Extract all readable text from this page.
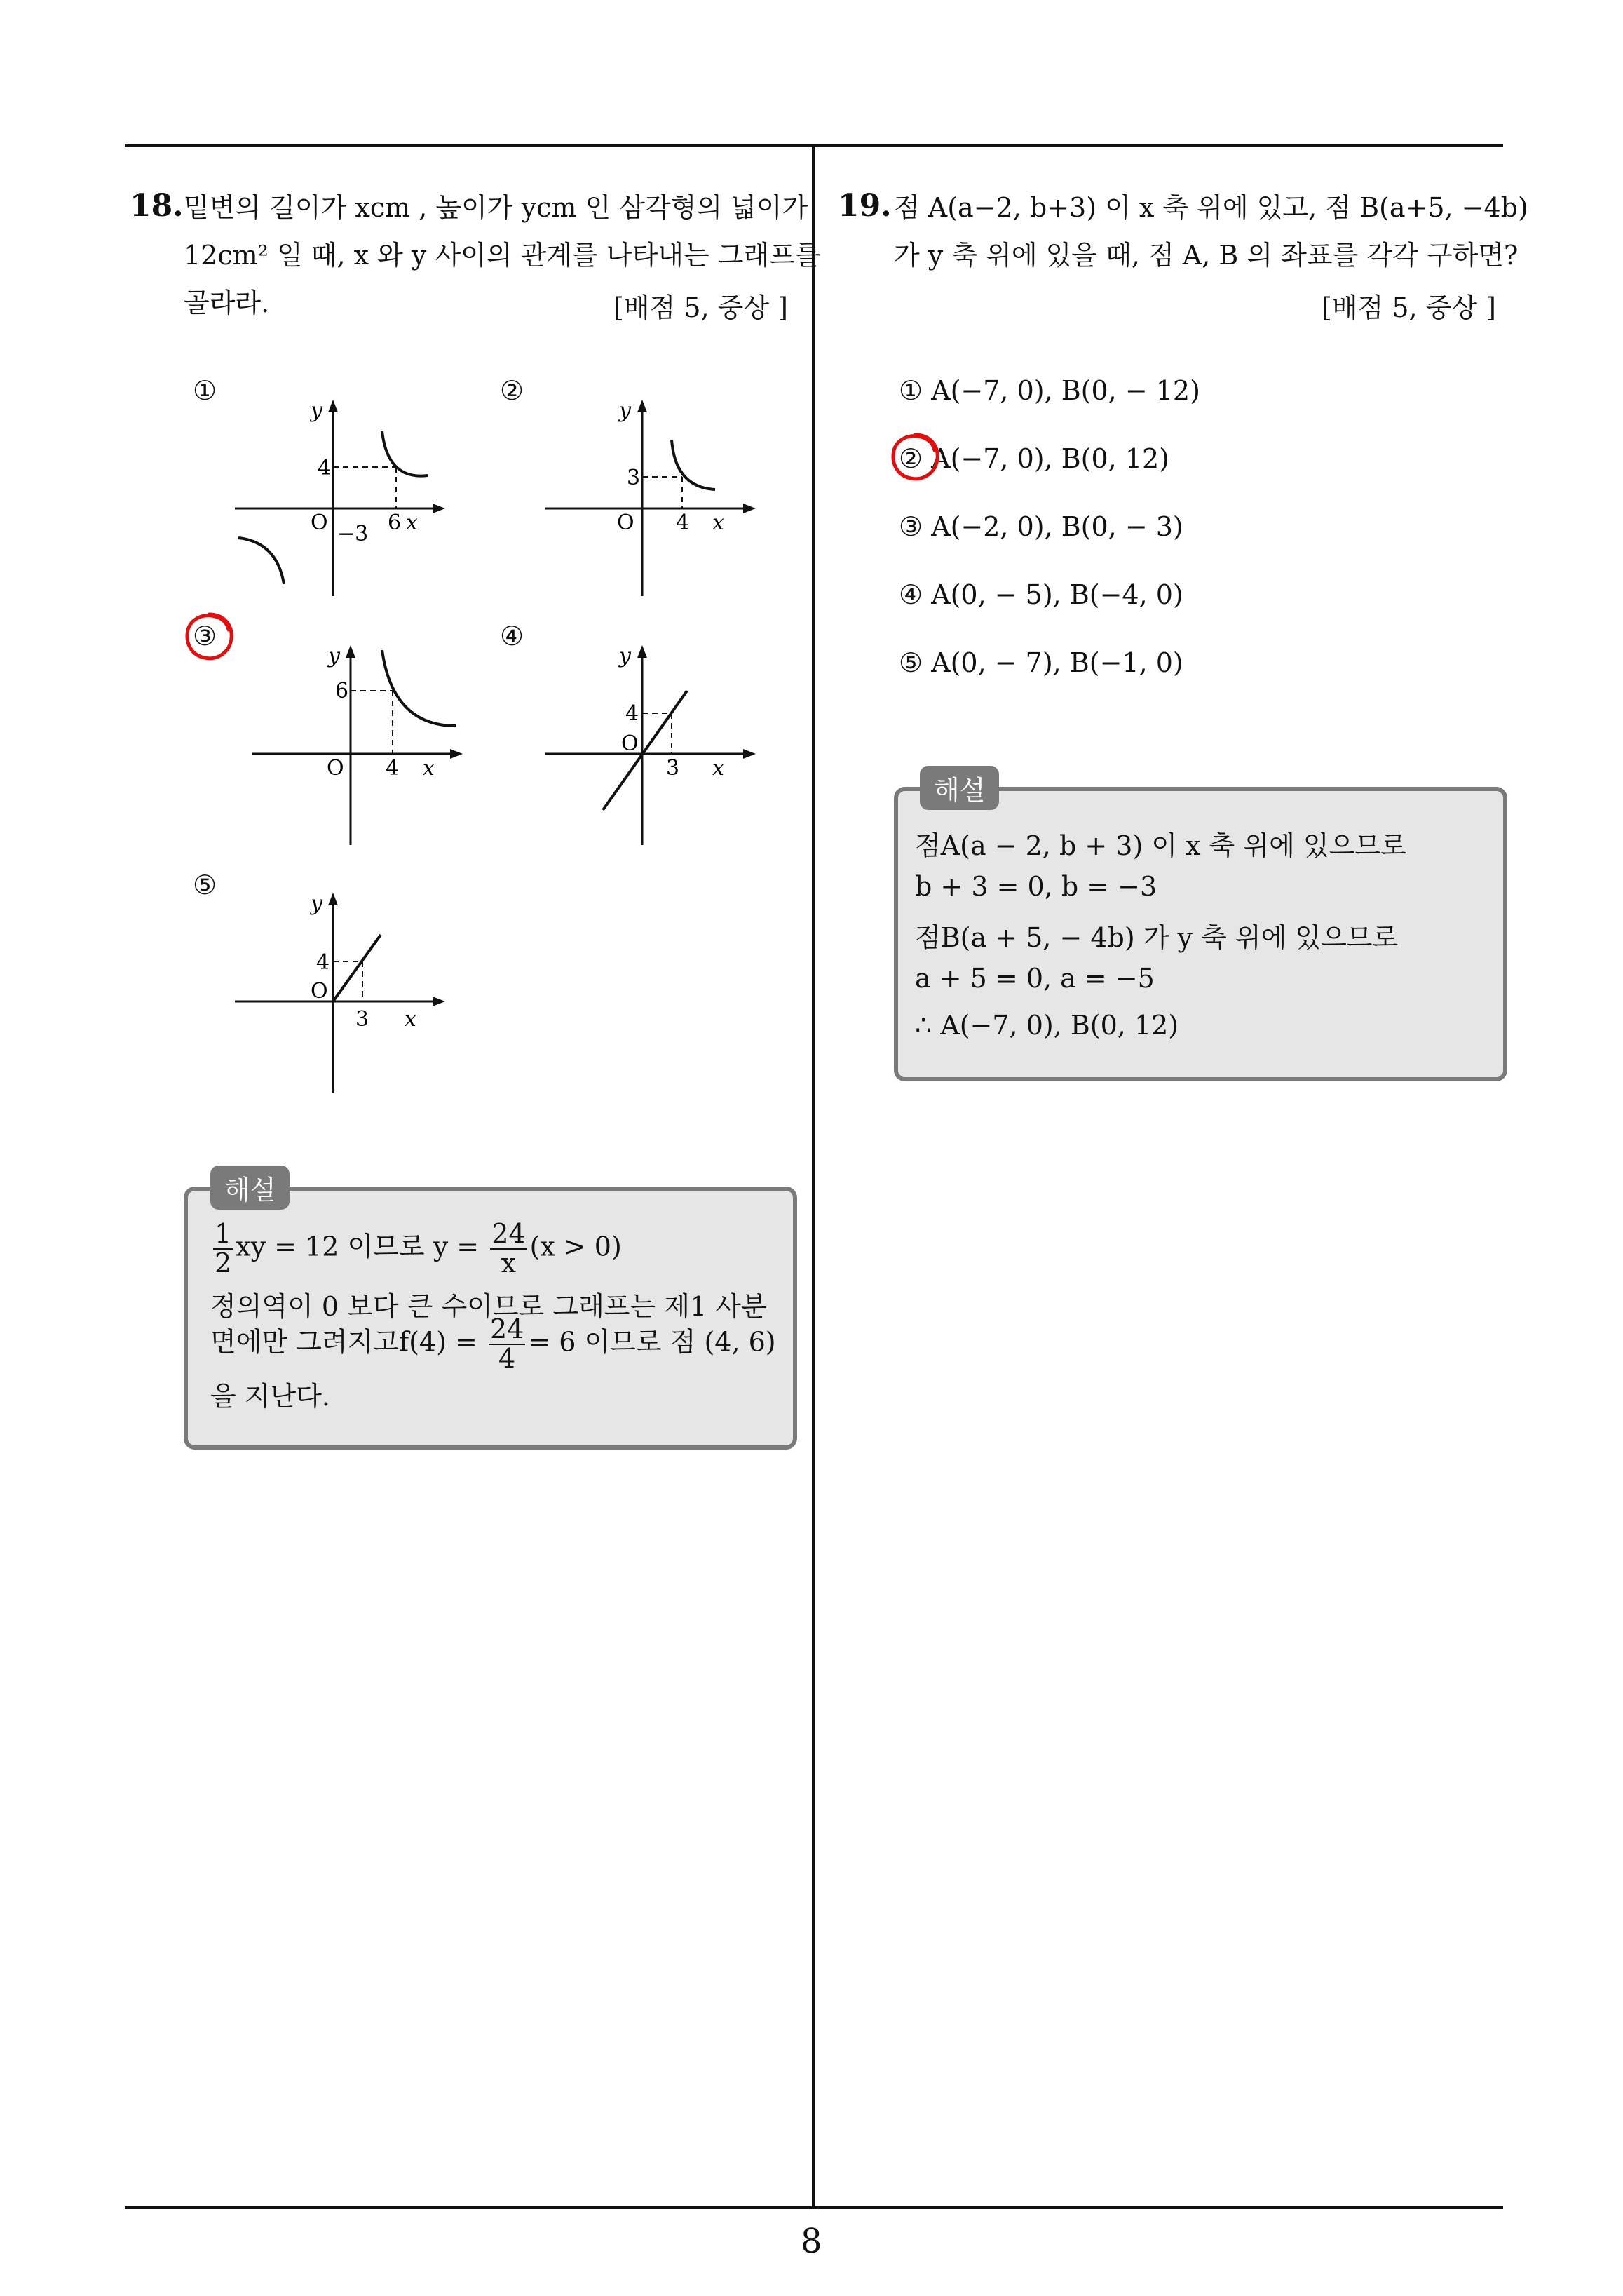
8
18. 밑변의 길이가 xcm , 높이가 ycm 인 삼각형의 넓이가
12cm² 일 때, x 와 y 사이의 관계를 나타내는 그래프를
골라라.	[배점 5, 중상 ]
①	②
③	④
⑤
y
4
O	6 x
−3
y
3
O 4 x
y
6
O 4 x
y
4
O
3 x
y
4
O
3 x
해설
$\frac{1}{2}$ xy = 12 이므로 $y = \frac{24}{x} (x > 0)$
정의역이 0 보다 큰 수이므로 그래프는 제1 사분
면에만 그려지고$f(4) = \frac{24}{4} = 6$ 이므로 점 (4, 6)
을 지난다.
19. 점 A(a−2, b+3) 이 x 축 위에 있고, 점 B(a+5, −4b)
가 y 축 위에 있을 때, 점 A, B 의 좌표를 각각 구하면?
[배점 5, 중상 ]
① A(−7, 0), B(0, − 12)
② A(−7, 0), B(0, 12)
③ A(−2, 0), B(0, − 3)
④ A(0, − 5), B(−4, 0)
⑤ A(0, − 7), B(−1, 0)
해설
점A(a − 2, b + 3) 이 x 축 위에 있으므로
b + 3 = 0, b = −3
점B(a + 5, − 4b) 가 y 축 위에 있으므로
a + 5 = 0, a = −5
∴ A(−7, 0), B(0, 12)
